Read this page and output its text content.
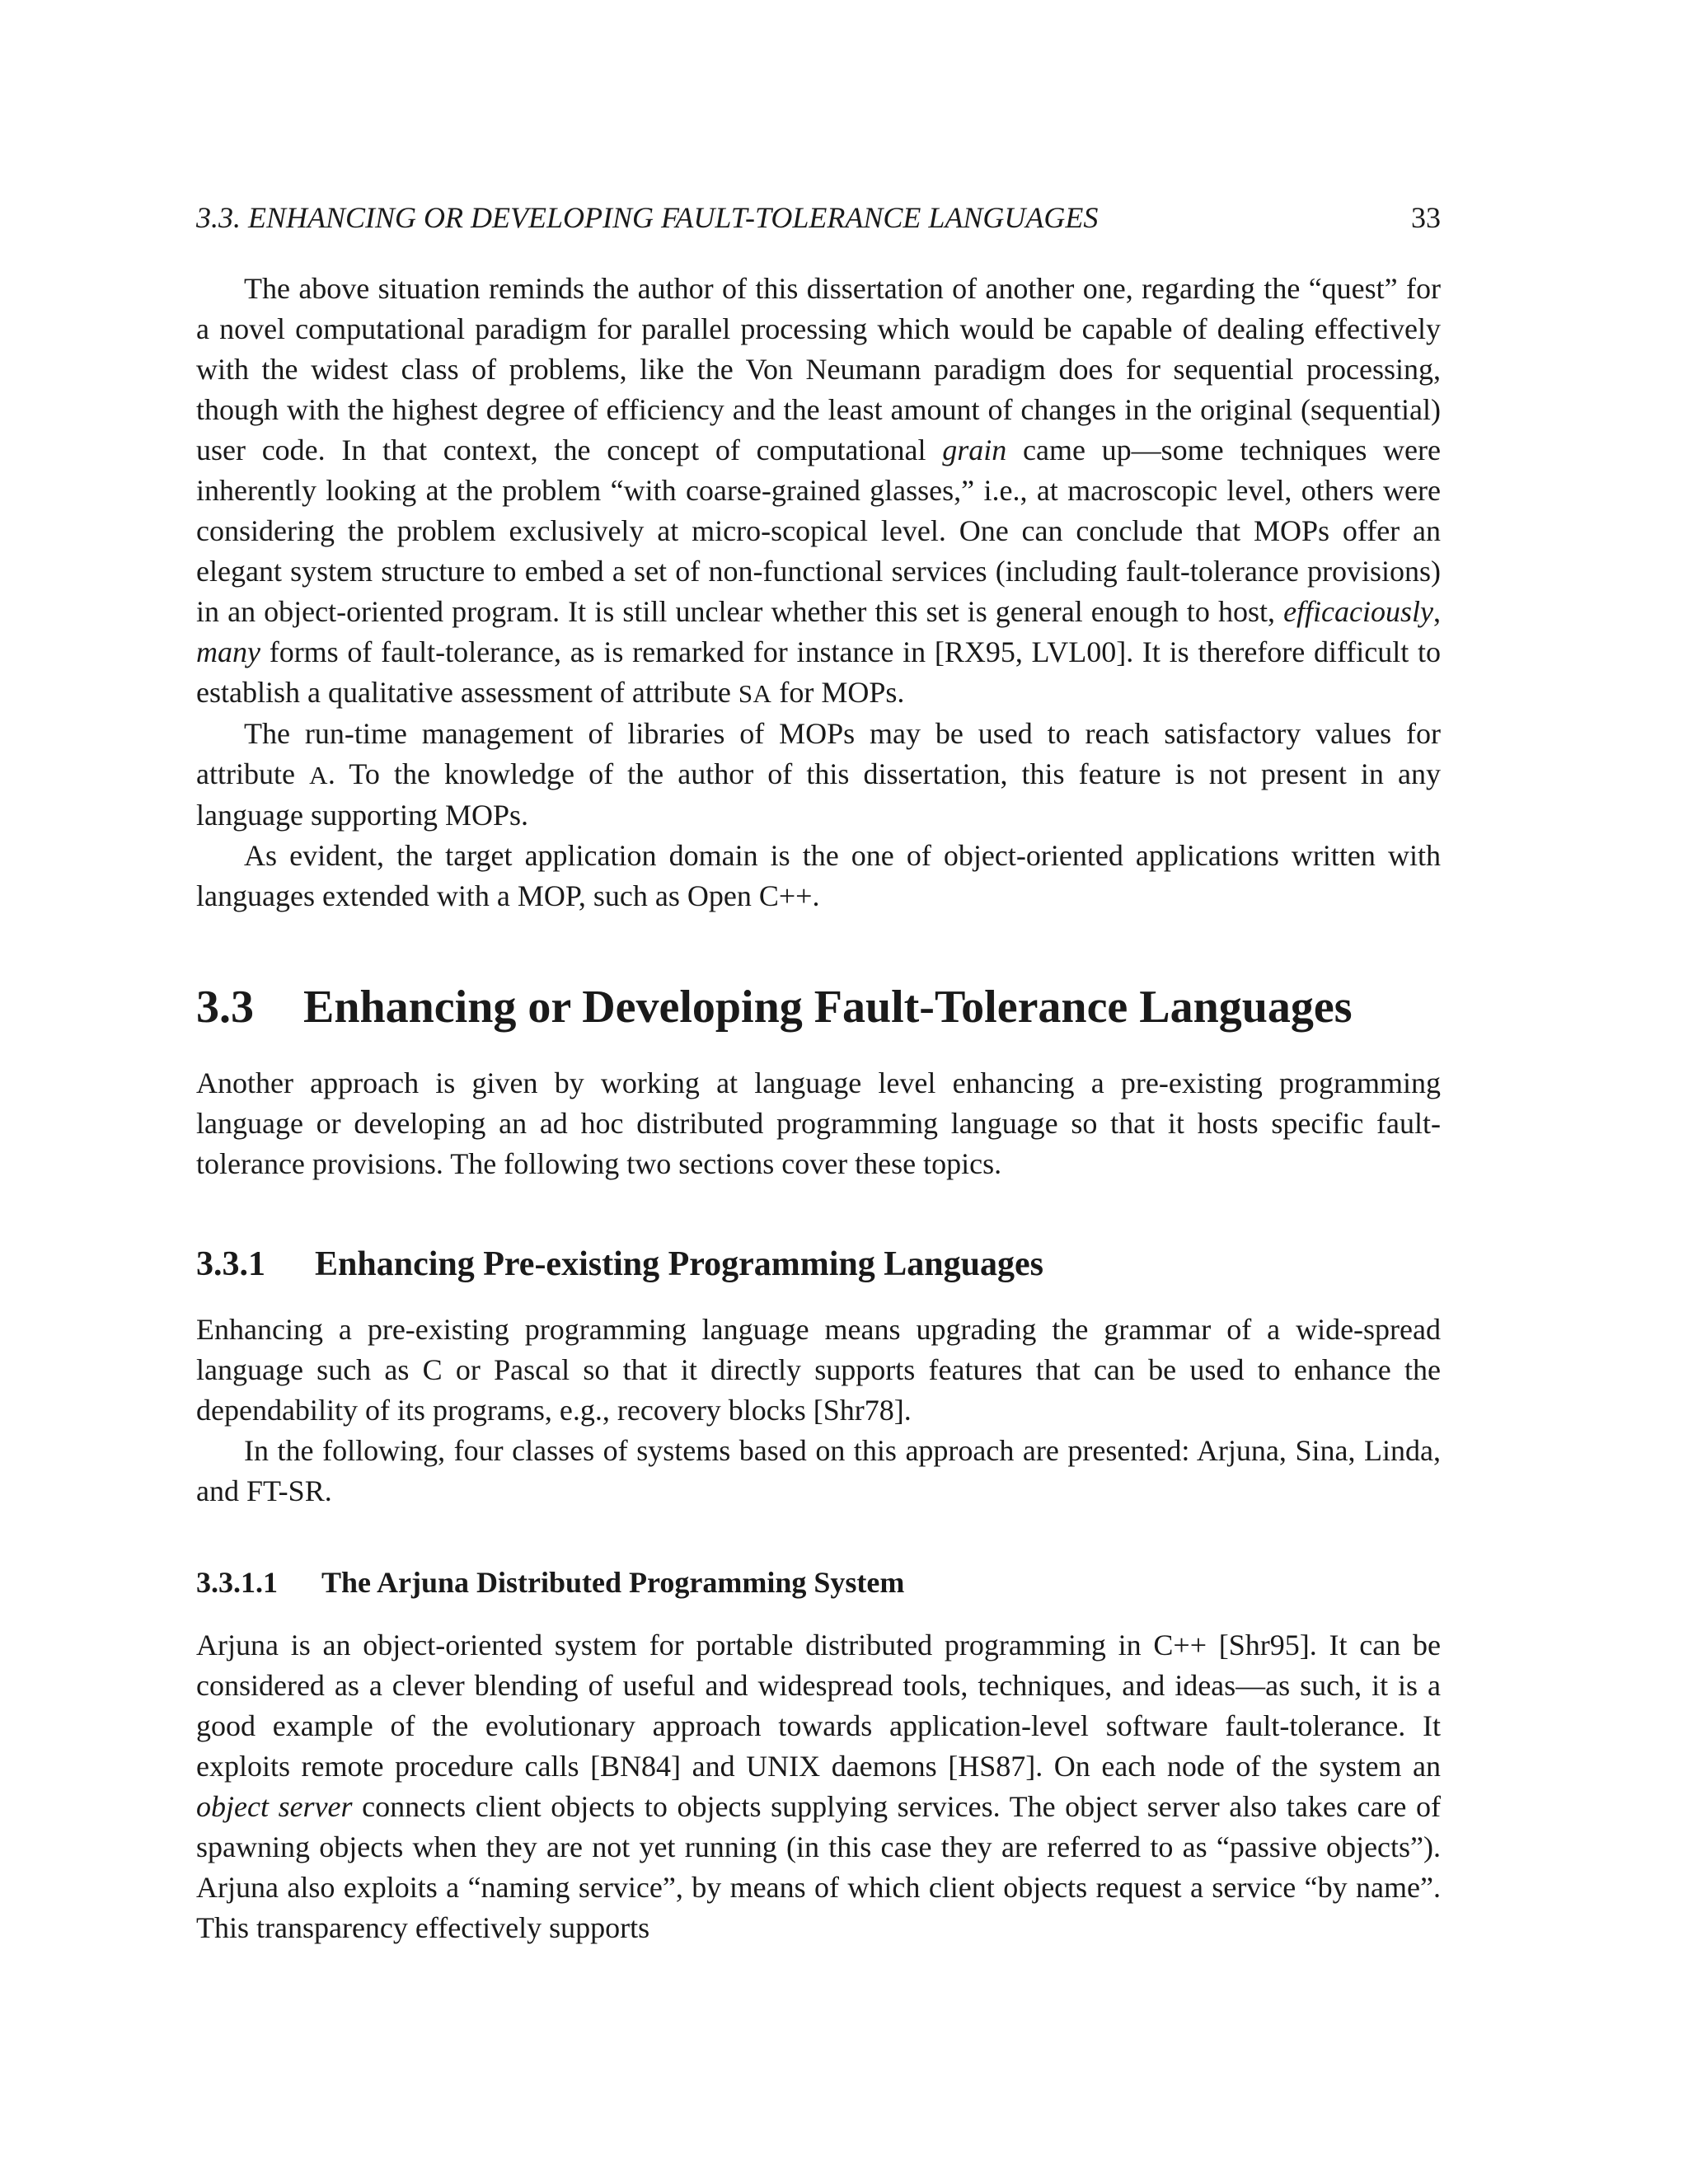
3.3. ENHANCING OR DEVELOPING FAULT-TOLERANCE LANGUAGES	33

The above situation reminds the author of this dissertation of another one, regarding the “quest” for a novel computational paradigm for parallel processing which would be capable of dealing effectively with the widest class of problems, like the Von Neumann paradigm does for sequential processing, though with the highest degree of efficiency and the least amount of changes in the original (sequential) user code. In that context, the concept of computational grain came up—some techniques were inherently looking at the problem “with coarse-grained glasses,” i.e., at macroscopic level, others were considering the problem exclusively at micro-scopical level. One can conclude that MOPs offer an elegant system structure to embed a set of non-functional services (including fault-tolerance provisions) in an object-oriented program. It is still unclear whether this set is general enough to host, efficaciously, many forms of fault-tolerance, as is remarked for instance in [RX95, LVL00]. It is therefore difficult to establish a qualitative assessment of attribute SA for MOPs.

The run-time management of libraries of MOPs may be used to reach satisfactory values for attribute A. To the knowledge of the author of this dissertation, this feature is not present in any language supporting MOPs.

As evident, the target application domain is the one of object-oriented applications written with languages extended with a MOP, such as Open C++.

3.3	Enhancing or Developing Fault-Tolerance Languages

Another approach is given by working at language level enhancing a pre-existing programming language or developing an ad hoc distributed programming language so that it hosts specific fault-tolerance provisions. The following two sections cover these topics.

3.3.1	Enhancing Pre-existing Programming Languages

Enhancing a pre-existing programming language means upgrading the grammar of a wide-spread language such as C or Pascal so that it directly supports features that can be used to enhance the dependability of its programs, e.g., recovery blocks [Shr78].

In the following, four classes of systems based on this approach are presented: Arjuna, Sina, Linda, and FT-SR.

3.3.1.1	The Arjuna Distributed Programming System

Arjuna is an object-oriented system for portable distributed programming in C++ [Shr95]. It can be considered as a clever blending of useful and widespread tools, techniques, and ideas—as such, it is a good example of the evolutionary approach towards application-level software fault-tolerance. It exploits remote procedure calls [BN84] and UNIX daemons [HS87]. On each node of the system an object server connects client objects to objects supplying services. The object server also takes care of spawning objects when they are not yet running (in this case they are referred to as “passive objects”). Arjuna also exploits a “naming service”, by means of which client objects request a service “by name”. This transparency effectively supports
